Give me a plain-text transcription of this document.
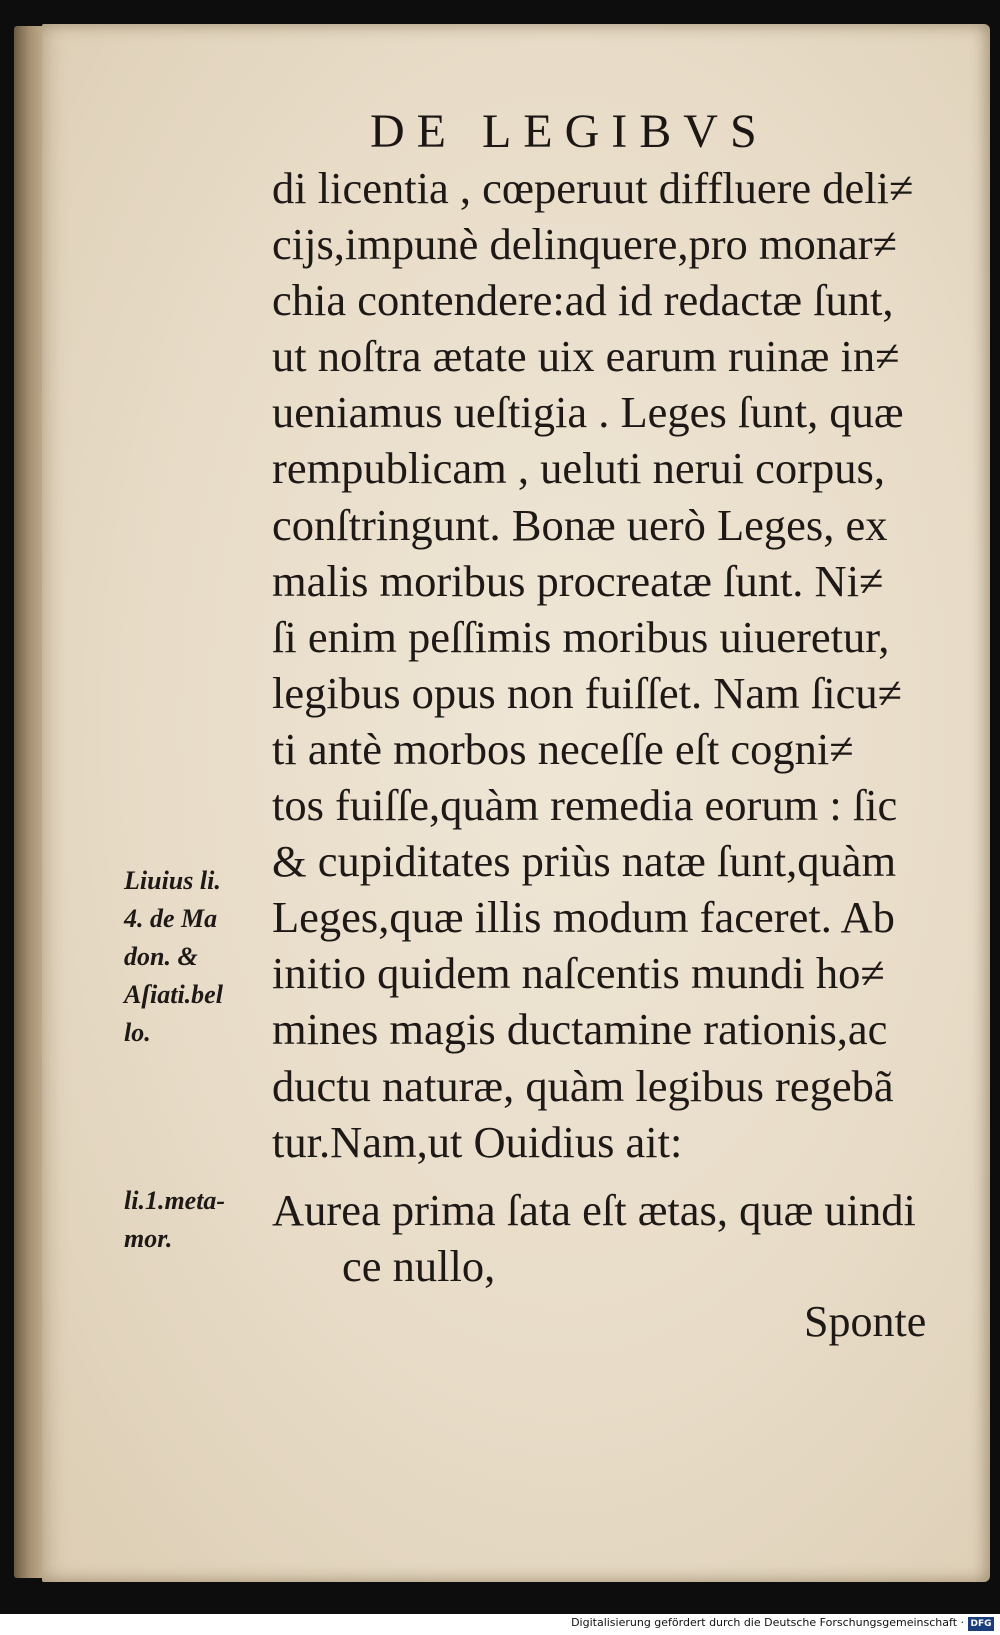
DE LEGIBVS
di licentia , cœperuut diffluere deli≠
cijs,impunè delinquere,pro monar≠
chia contendere:ad id redactæ ſunt,
ut noſtra ætate uix earum ruinæ in≠
ueniamus ueſtigia . Leges ſunt, quæ
rempublicam , ueluti nerui corpus,
conſtringunt. Bonæ uerò Leges, ex
malis moribus procreatæ ſunt. Ni≠
ſi enim peſſimis moribus uiueretur,
legibus opus non fuiſſet. Nam ſicu≠
ti antè morbos neceſſe eſt cogni≠
tos fuiſſe,quàm remedia eorum : ſic
& cupiditates priùs natæ ſunt,quàm
Leges,quæ illis modum faceret. Ab
initio quidem naſcentis mundi ho≠
mines magis ductamine rationis,ac
ductu naturæ, quàm legibus regebã
tur.Nam,ut Ouidius ait:
Aurea prima ſata eſt ætas, quæ uindi
ce nullo,
Sponte
Liuius li.
4. de Ma
don. &
Aſiati.bel
lo.
li.1.meta-
mor.
Digitalisierung gefördert durch die Deutsche Forschungsgemeinschaft · DFG
